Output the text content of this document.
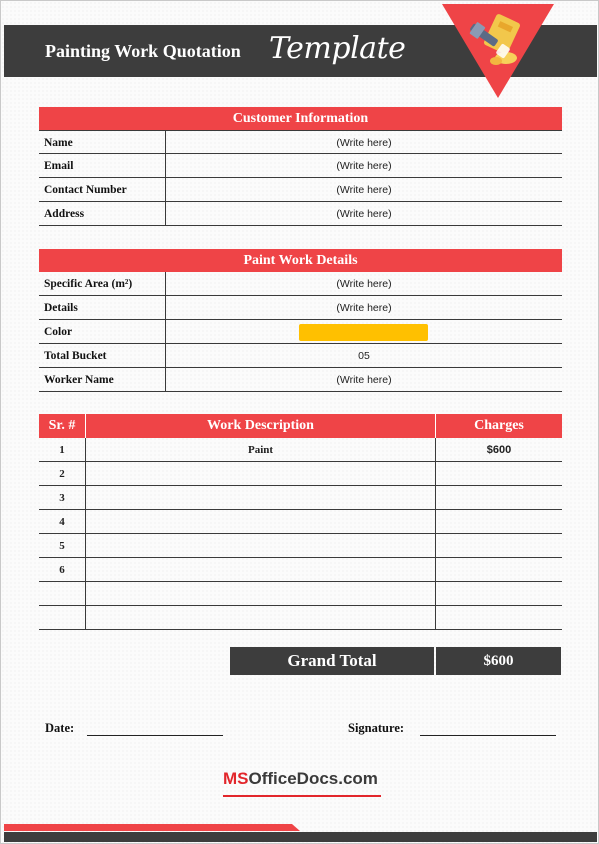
Painting Work Quotation Template
Customer Information
Name	(Write here)
Email	(Write here)
Contact Number	(Write here)
Address	(Write here)
Paint Work Details
Specific Area (m²)	(Write here)
Details	(Write here)
Color
Total Bucket	05
Worker Name	(Write here)
Sr. #	Work Description	Charges
1	Paint	$600
2
3
4
5
6
Grand Total	$600
Date:	Signature:
MSOfficeDocs.com
